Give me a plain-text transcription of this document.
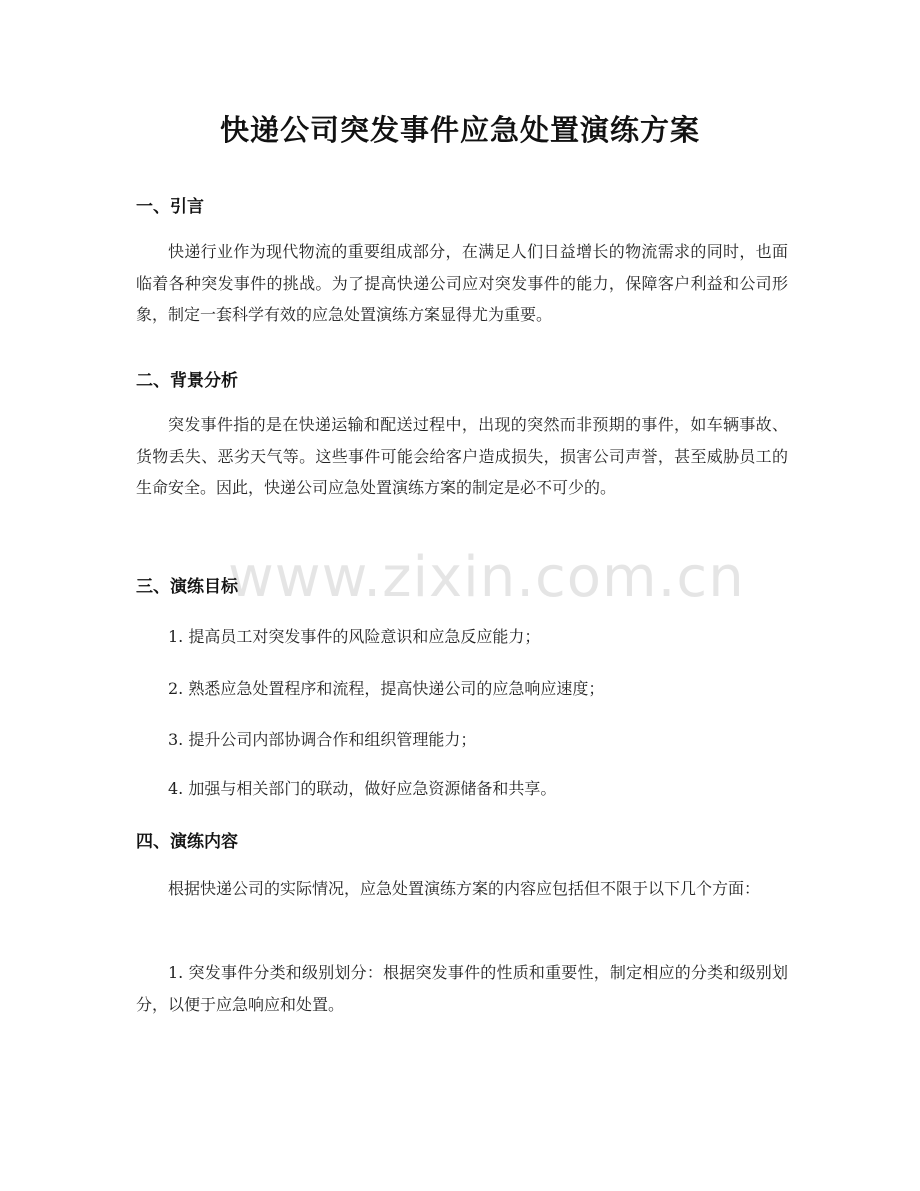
www.zixin.com.cn
快递公司突发事件应急处置演练方案
一、引言
快递行业作为现代物流的重要组成部分，在满足人们日益增长的物流需求的同时，也面临着各种突发事件的挑战。为了提高快递公司应对突发事件的能力，保障客户利益和公司形象，制定一套科学有效的应急处置演练方案显得尤为重要。
二、背景分析
突发事件指的是在快递运输和配送过程中，出现的突然而非预期的事件，如车辆事故、货物丢失、恶劣天气等。这些事件可能会给客户造成损失，损害公司声誉，甚至威胁员工的生命安全。因此，快递公司应急处置演练方案的制定是必不可少的。
三、演练目标
1. 提高员工对突发事件的风险意识和应急反应能力；
2. 熟悉应急处置程序和流程，提高快递公司的应急响应速度；
3. 提升公司内部协调合作和组织管理能力；
4. 加强与相关部门的联动，做好应急资源储备和共享。
四、演练内容
根据快递公司的实际情况，应急处置演练方案的内容应包括但不限于以下几个方面：
1. 突发事件分类和级别划分：根据突发事件的性质和重要性，制定相应的分类和级别划分，以便于应急响应和处置。
